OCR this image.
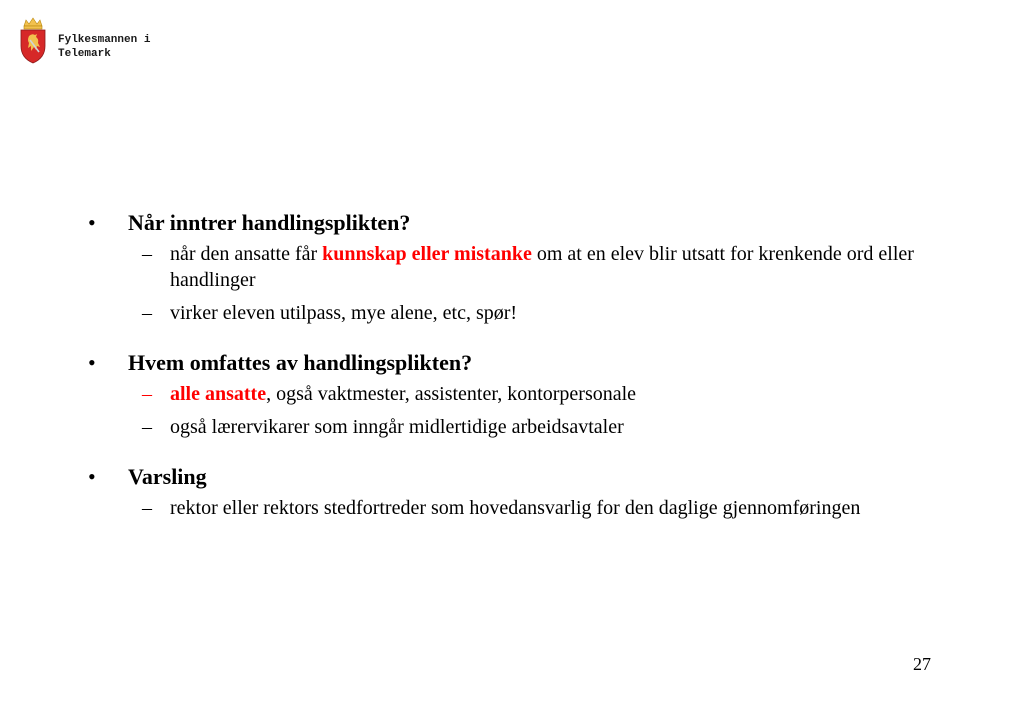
Fylkesmannen i
Telemark
•	Når inntrer handlingsplikten?
– når den ansatte får kunnskap eller mistanke om at en elev blir utsatt for krenkende ord eller handlinger
– virker eleven utilpass, mye alene, etc, spør!
•	Hvem omfattes av handlingsplikten?
– alle ansatte, også vaktmester, assistenter, kontorpersonale
– også lærervikarer som inngår midlertidige arbeidsavtaler
•	Varsling
– rektor eller rektors stedfortreder som hovedansvarlig for den daglige gjennomføringen
27
